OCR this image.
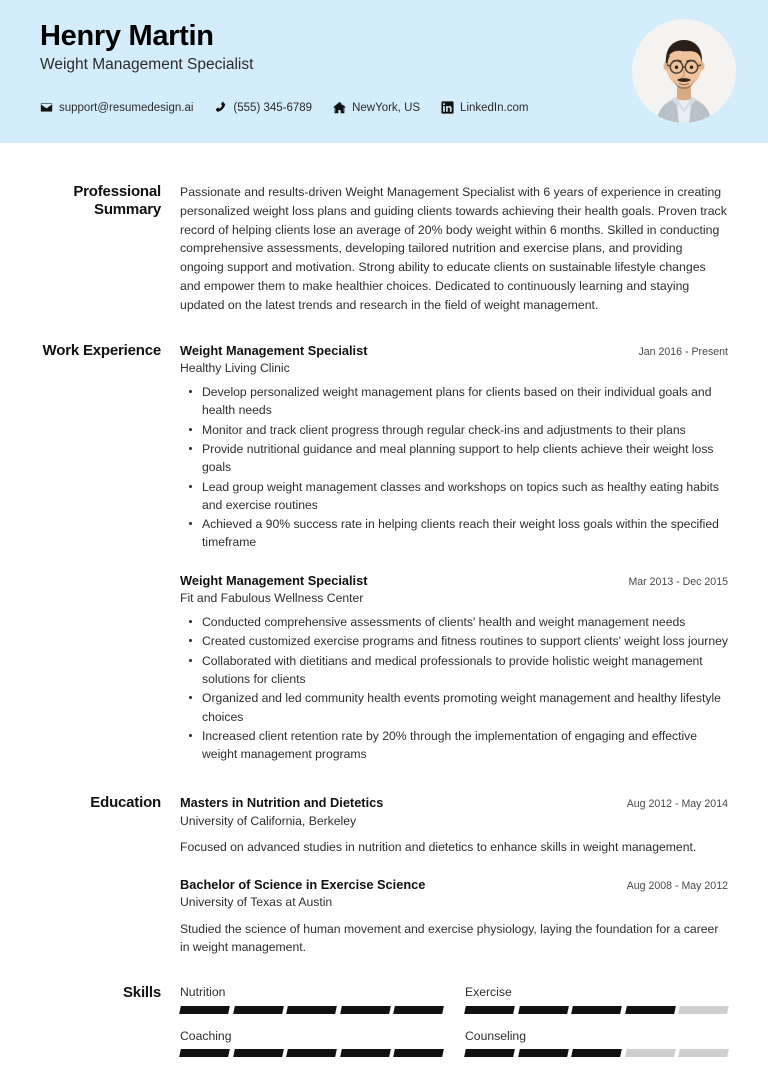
Henry Martin
Weight Management Specialist
support@resumedesign.ai	(555) 345-6789	NewYork, US	LinkedIn.com
Professional Summary

Passionate and results-driven Weight Management Specialist with 6 years of experience in creating personalized weight loss plans and guiding clients towards achieving their health goals. Proven track record of helping clients lose an average of 20% body weight within 6 months. Skilled in conducting comprehensive assessments, developing tailored nutrition and exercise plans, and providing ongoing support and motivation. Strong ability to educate clients on sustainable lifestyle changes and empower them to make healthier choices. Dedicated to continuously learning and staying updated on the latest trends and research in the field of weight management.

Work Experience	Weight Management Specialist	Jan 2016 - Present
Healthy Living Clinic
Develop personalized weight management plans for clients based on their individual goals and health needs
Monitor and track client progress through regular check-ins and adjustments to their plans
Provide nutritional guidance and meal planning support to help clients achieve their weight loss goals
Lead group weight management classes and workshops on topics such as healthy eating habits and exercise routines
Achieved a 90% success rate in helping clients reach their weight loss goals within the specified timeframe
Weight Management Specialist	Mar 2013 - Dec 2015
Fit and Fabulous Wellness Center
Conducted comprehensive assessments of clients' health and weight management needs
Created customized exercise programs and fitness routines to support clients' weight loss journey
Collaborated with dietitians and medical professionals to provide holistic weight management solutions for clients
Organized and led community health events promoting weight management and healthy lifestyle choices
Increased client retention rate by 20% through the implementation of engaging and effective weight management programs
Education	Masters in Nutrition and Dietetics	Aug 2012 - May 2014
University of California, Berkeley
Focused on advanced studies in nutrition and dietetics to enhance skills in weight management.
Bachelor of Science in Exercise Science	Aug 2008 - May 2012
University of Texas at Austin
Studied the science of human movement and exercise physiology, laying the foundation for a career in weight management.
Skills	Nutrition	Exercise
Coaching	Counseling
